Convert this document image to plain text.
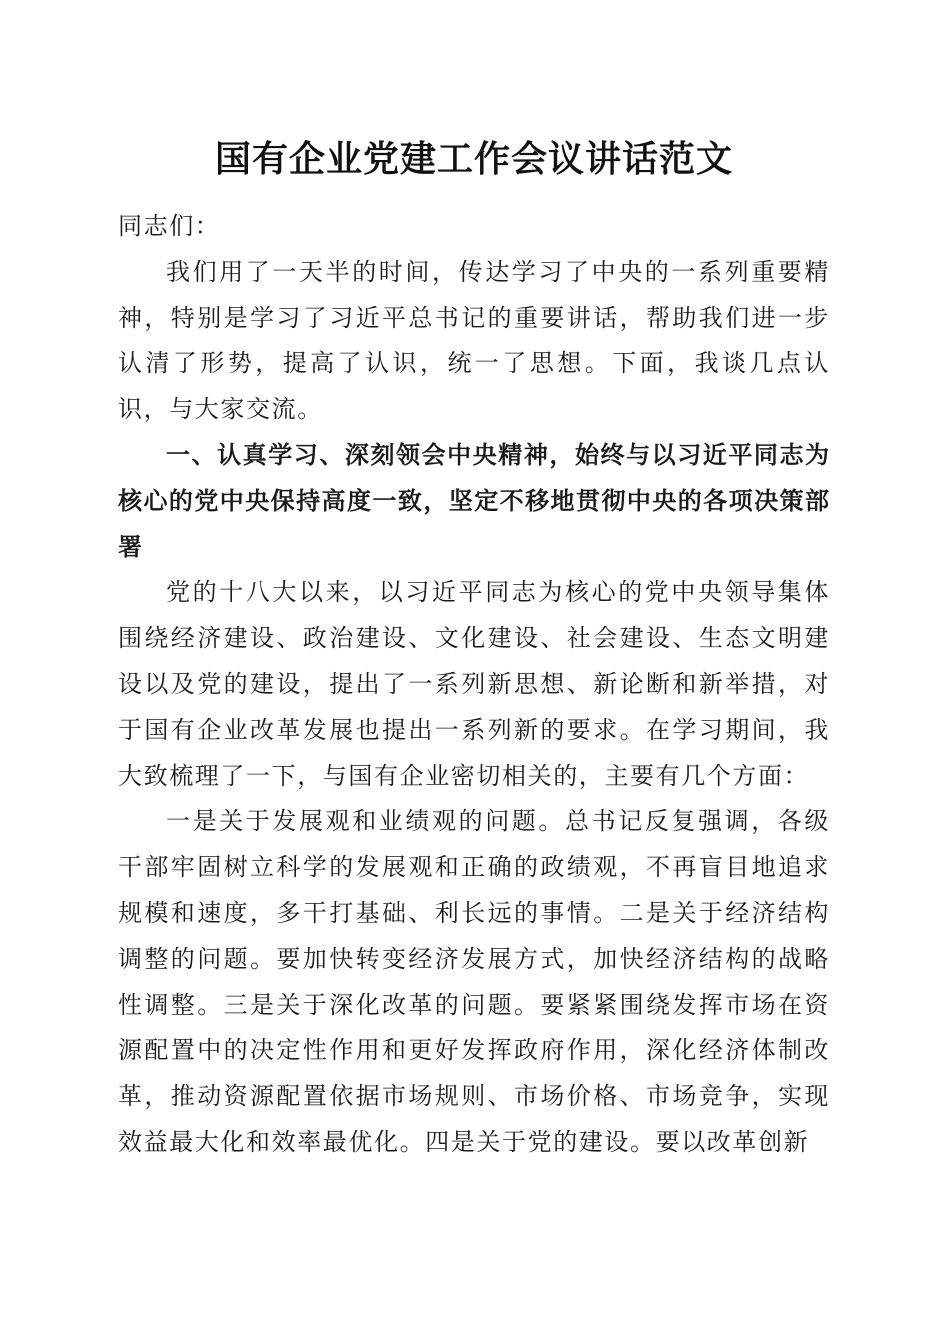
国有企业党建工作会议讲话范文

同志们：

我们用了一天半的时间，传达学习了中央的一系列重要精神，特别是学习了习近平总书记的重要讲话，帮助我们进一步认清了形势，提高了认识，统一了思想。下面，我谈几点认识，与大家交流。

一、认真学习、深刻领会中央精神，始终与以习近平同志为核心的党中央保持高度一致，坚定不移地贯彻中央的各项决策部署

党的十八大以来，以习近平同志为核心的党中央领导集体围绕经济建设、政治建设、文化建设、社会建设、生态文明建设以及党的建设，提出了一系列新思想、新论断和新举措，对于国有企业改革发展也提出一系列新的要求。在学习期间，我大致梳理了一下，与国有企业密切相关的，主要有几个方面：

一是关于发展观和业绩观的问题。总书记反复强调，各级干部牢固树立科学的发展观和正确的政绩观，不再盲目地追求规模和速度，多干打基础、利长远的事情。二是关于经济结构调整的问题。要加快转变经济发展方式，加快经济结构的战略性调整。三是关于深化改革的问题。要紧紧围绕发挥市场在资源配置中的决定性作用和更好发挥政府作用，深化经济体制改革，推动资源配置依据市场规则、市场价格、市场竞争，实现效益最大化和效率最优化。四是关于党的建设。要以改革创新
